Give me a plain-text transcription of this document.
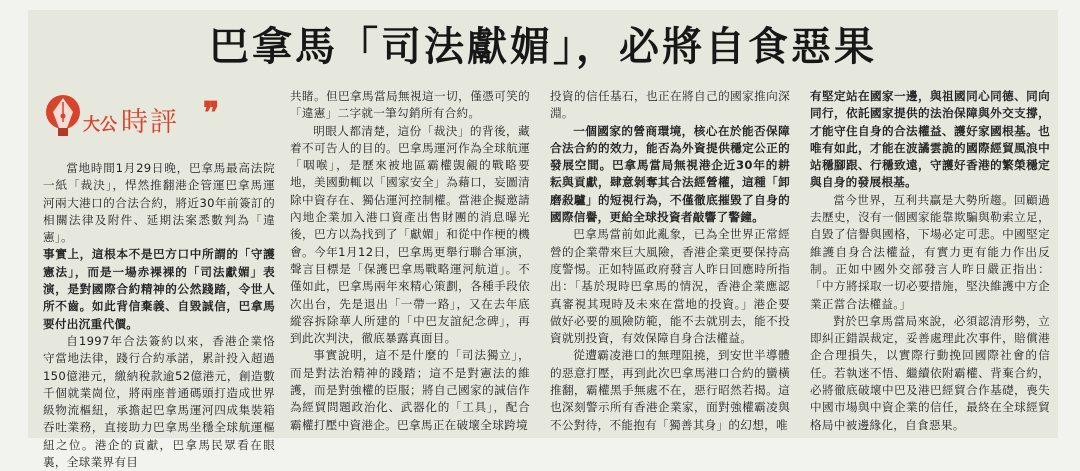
巴拿馬「司法獻媚」，必將自食惡果
大公 時評 ❞

當地時間1月29日晚，巴拿馬最高法院一紙「裁決」，悍然推翻港企管運巴拿馬運河兩大港口的合法合約，將近30年前簽訂的相關法律及附件、延期法案悉數判為「違憲」。

事實上，這根本不是巴方口中所謂的「守護憲法」，而是一場赤裸裸的「司法獻媚」表演，是對國際合約精神的公然踐踏，令世人所不齒。如此背信棄義、自毀誠信，巴拿馬要付出沉重代價。

自1997年合法簽約以來，香港企業恪守當地法律，踐行合約承諾，累計投入超過150億港元，繳納稅款逾52億港元，創造數千個就業崗位，將兩座普通碼頭打造成世界級物流樞紐，承擔起巴拿馬運河四成集裝箱吞吐業務，直接助力巴拿馬坐穩全球航運樞紐之位。港企的貢獻，巴拿馬民眾看在眼裏，全球業界有目

共睹。但巴拿馬當局無視這一切，僅憑可笑的「違憲」二字就一筆勾銷所有合約。

明眼人都清楚，這份「裁決」的背後，藏着不可告人的目的。巴拿馬運河作為全球航運「咽喉」，是歷來被地區霸權覬覦的戰略要地，美國動輒以「國家安全」為藉口，妄圖清除中資存在、獨佔運河控制權。當港企擬邀請內地企業加入港口資產出售財團的消息曝光後，巴方以為找到了「獻媚」和從中作梗的機會。今年1月12日，巴拿馬更舉行聯合軍演，聲言目標是「保護巴拿馬戰略運河航道」。不僅如此，巴拿馬兩年來精心策劃，各種手段依次出台，先是退出「一帶一路」，又在去年底縱容拆除華人所建的「中巴友誼紀念碑」，再到此次判決，徹底暴露真面目。

事實說明，這不是什麼的「司法獨立」，而是對法治精神的踐踏；這不是對憲法的維護，而是對強權的臣服；將自己國家的誠信作為經貿問題政治化、武器化的「工具」，配合霸權打壓中資港企。巴拿馬正在破壞全球跨境

投資的信任基石，也正在將自己的國家推向深淵。

一個國家的營商環境，核心在於能否保障合法合約的效力，能否為外資提供穩定公正的發展空間。巴拿馬當局無視港企近30年的耕耘與貢獻，肆意剝奪其合法經營權，這種「卸磨殺驢」的短視行為，不僅徹底摧毀了自身的國際信譽，更給全球投資者敲響了警鐘。

巴拿馬當前如此亂象，已為全世界正常經營的企業帶來巨大風險，香港企業更要保持高度警惕。正如特區政府發言人昨日回應時所指出：「基於現時巴拿馬的情況，香港企業應認真審視其現時及未來在當地的投資。」港企要做好必要的風險防範，能不去就別去，能不投資就別投資，有效保障自身合法權益。

從遭霸凌港口的無理阻撓，到安世半導體的惡意打壓，再到此次巴拿馬港口合約的蠻橫推翻，霸權黑手無處不在，惡行昭然若揭。這也深刻警示所有香港企業家，面對強權霸凌與不公對待，不能抱有「獨善其身」的幻想，唯

有堅定站在國家一邊，與祖國同心同德、同向同行，依託國家提供的法治保障與外交支撐，才能守住自身的合法權益、護好家國根基。也唯有如此，才能在波譎雲詭的國際經貿風浪中站穩腳跟、行穩致遠，守護好香港的繁榮穩定與自身的發展根基。

當今世界，互利共贏是大勢所趨。回顧過去歷史，沒有一個國家能靠欺騙與勒索立足，自毀了信譽與國格，下場必定可悲。中國堅定維護自身合法權益，有實力更有能力作出反制。正如中國外交部發言人昨日嚴正指出：「中方將採取一切必要措施，堅決維護中方企業正當合法權益。」

對於巴拿馬當局來說，必須認清形勢，立即糾正錯誤裁定，妥善處理此次事件，賠償港企合理損失，以實際行動挽回國際社會的信任。若執迷不悟、繼續依附霸權、背棄合約，必將徹底破壞中巴及港巴經貿合作基礎，喪失中國市場與中資企業的信任，最終在全球經貿格局中被邊緣化，自食惡果。
